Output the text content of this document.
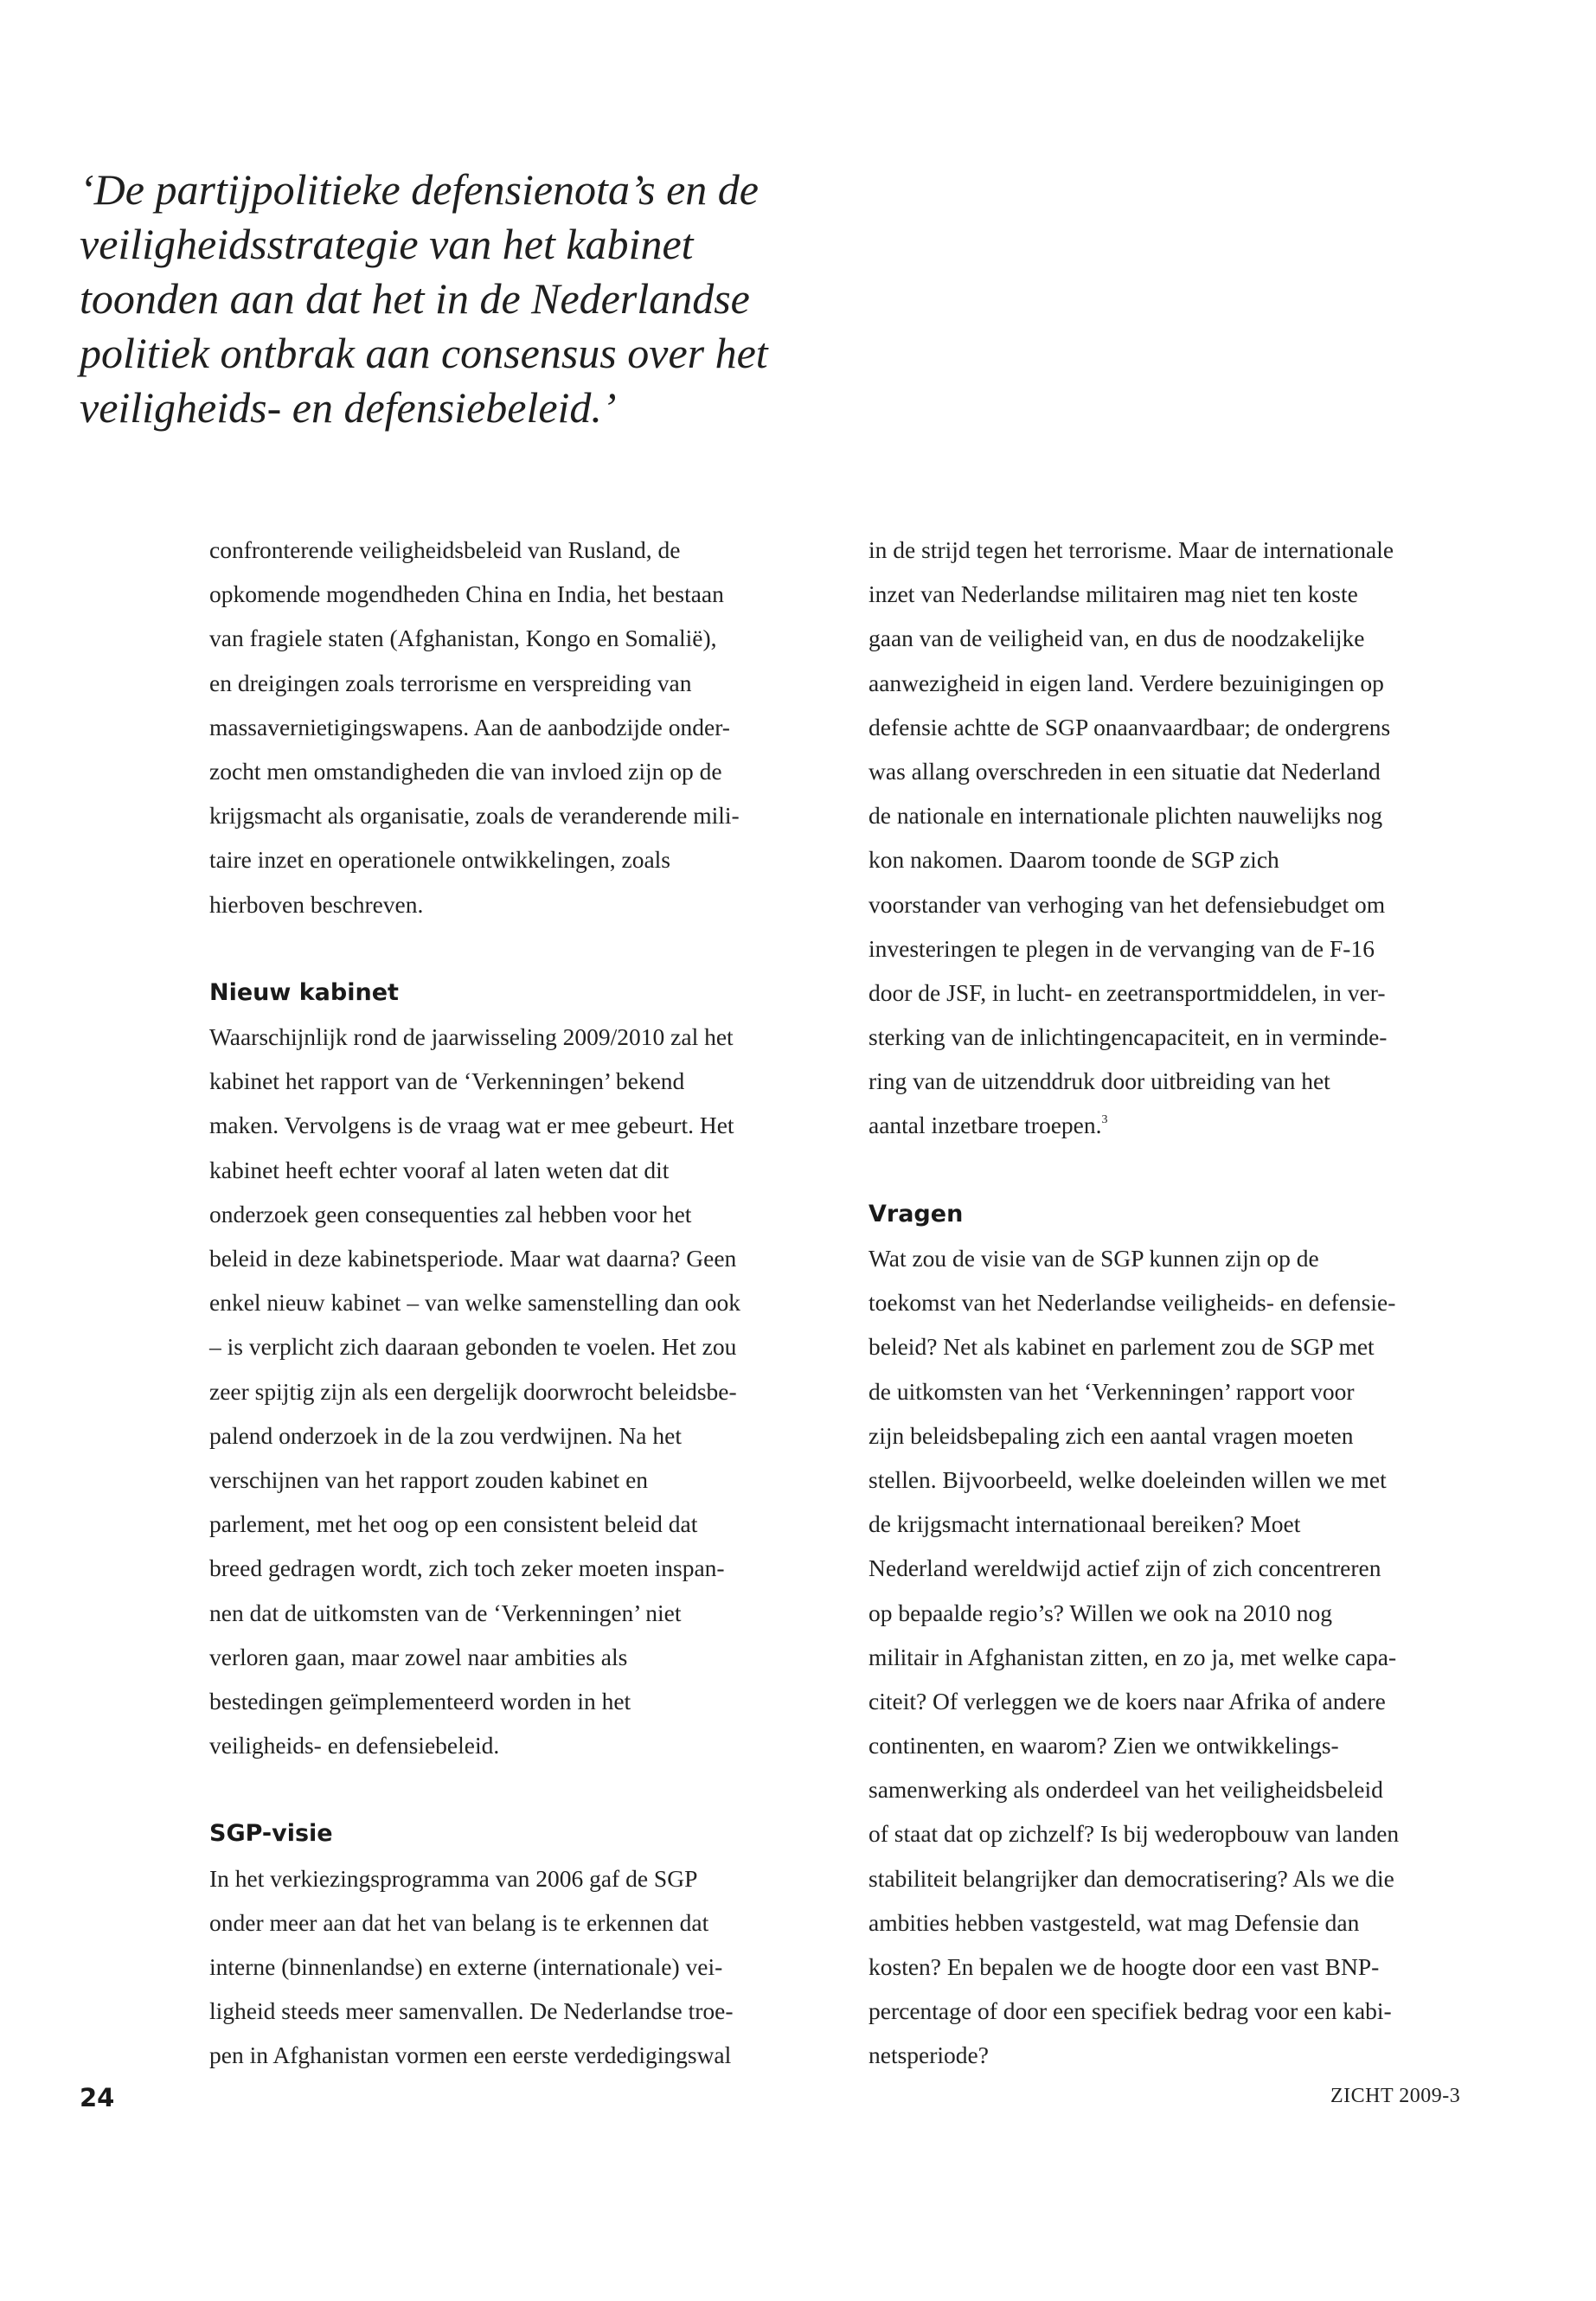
‘De partijpolitieke defensienota’s en de
veiligheidsstrategie van het kabinet
toonden aan dat het in de Nederlandse
politiek ontbrak aan consensus over het
veiligheids- en defensiebeleid.’
confronterende veiligheidsbeleid van Rusland, de
opkomende mogendheden China en India, het bestaan
van fragiele staten (Afghanistan, Kongo en Somalië),
en dreigingen zoals terrorisme en verspreiding van
massavernietigingswapens. Aan de aanbodzijde onder-
zocht men omstandigheden die van invloed zijn op de
krijgsmacht als organisatie, zoals de veranderende mili-
taire inzet en operationele ontwikkelingen, zoals
hierboven beschreven.
Nieuw kabinet
Waarschijnlijk rond de jaarwisseling 2009/2010 zal het
kabinet het rapport van de ‘Verkenningen’ bekend
maken. Vervolgens is de vraag wat er mee gebeurt. Het
kabinet heeft echter vooraf al laten weten dat dit
onderzoek geen consequenties zal hebben voor het
beleid in deze kabinetsperiode. Maar wat daarna? Geen
enkel nieuw kabinet – van welke samenstelling dan ook
– is verplicht zich daaraan gebonden te voelen. Het zou
zeer spijtig zijn als een dergelijk doorwrocht beleidsbe-
palend onderzoek in de la zou verdwijnen. Na het
verschijnen van het rapport zouden kabinet en
parlement, met het oog op een consistent beleid dat
breed gedragen wordt, zich toch zeker moeten inspan-
nen dat de uitkomsten van de ‘Verkenningen’ niet
verloren gaan, maar zowel naar ambities als
bestedingen geïmplementeerd worden in het
veiligheids- en defensiebeleid.
SGP-visie
In het verkiezingsprogramma van 2006 gaf de SGP
onder meer aan dat het van belang is te erkennen dat
interne (binnenlandse) en externe (internationale) vei-
ligheid steeds meer samenvallen. De Nederlandse troe-
pen in Afghanistan vormen een eerste verdedigingswal
in de strijd tegen het terrorisme. Maar de internationale
inzet van Nederlandse militairen mag niet ten koste
gaan van de veiligheid van, en dus de noodzakelijke
aanwezigheid in eigen land. Verdere bezuinigingen op
defensie achtte de SGP onaanvaardbaar; de ondergrens
was allang overschreden in een situatie dat Nederland
de nationale en internationale plichten nauwelijks nog
kon nakomen. Daarom toonde de SGP zich
voorstander van verhoging van het defensiebudget om
investeringen te plegen in de vervanging van de F-16
door de JSF, in lucht- en zeetransportmiddelen, in ver-
sterking van de inlichtingencapaciteit, en in verminde-
ring van de uitzenddruk door uitbreiding van het
aantal inzetbare troepen.$^3$
Vragen
Wat zou de visie van de SGP kunnen zijn op de
toekomst van het Nederlandse veiligheids- en defensie-
beleid? Net als kabinet en parlement zou de SGP met
de uitkomsten van het ‘Verkenningen’ rapport voor
zijn beleidsbepaling zich een aantal vragen moeten
stellen. Bijvoorbeeld, welke doeleinden willen we met
de krijgsmacht internationaal bereiken? Moet
Nederland wereldwijd actief zijn of zich concentreren
op bepaalde regio’s? Willen we ook na 2010 nog
militair in Afghanistan zitten, en zo ja, met welke capa-
citeit? Of verleggen we de koers naar Afrika of andere
continenten, en waarom? Zien we ontwikkelings-
samenwerking als onderdeel van het veiligheidsbeleid
of staat dat op zichzelf? Is bij wederopbouw van landen
stabiliteit belangrijker dan democratisering? Als we die
ambities hebben vastgesteld, wat mag Defensie dan
kosten? En bepalen we de hoogte door een vast BNP-
percentage of door een specifiek bedrag voor een kabi-
netsperiode?
24	ZICHT 2009-3
